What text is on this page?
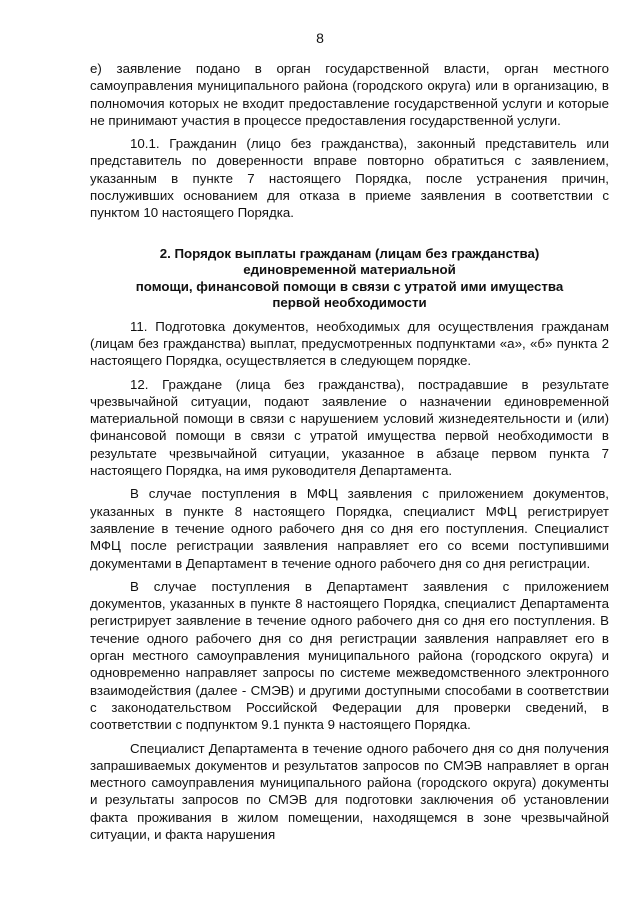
8

е) заявление подано в орган государственной власти, орган местного самоуправления муниципального района (городского округа) или в организацию, в полномочия которых не входит предоставление государственной услуги и которые не принимают участия в процессе предоставления государственной услуги.

10.1. Гражданин (лицо без гражданства), законный представитель или представитель по доверенности вправе повторно обратиться с заявлением, указанным в пункте 7 настоящего Порядка, после устранения причин, послуживших основанием для отказа в приеме заявления в соответствии с пунктом 10 настоящего Порядка.

2. Порядок выплаты гражданам (лицам без гражданства)
единовременной материальной
помощи, финансовой помощи в связи с утратой ими имущества
первой необходимости

11. Подготовка документов, необходимых для осуществления гражданам (лицам без гражданства) выплат, предусмотренных подпунктами «а», «б» пункта 2 настоящего Порядка, осуществляется в следующем порядке.

12. Граждане (лица без гражданства), пострадавшие в результате чрезвычайной ситуации, подают заявление о назначении единовременной материальной помощи в связи с нарушением условий жизнедеятельности и (или) финансовой помощи в связи с утратой имущества первой необходимости в результате чрезвычайной ситуации, указанное в абзаце первом пункта 7 настоящего Порядка, на имя руководителя Департамента.

В случае поступления в МФЦ заявления с приложением документов, указанных в пункте 8 настоящего Порядка, специалист МФЦ регистрирует заявление в течение одного рабочего дня со дня его поступления. Специалист МФЦ после регистрации заявления направляет его со всеми поступившими документами в Департамент в течение одного рабочего дня со дня регистрации.

В случае поступления в Департамент заявления с приложением документов, указанных в пункте 8 настоящего Порядка, специалист Департамента регистрирует заявление в течение одного рабочего дня со дня его поступления. В течение одного рабочего дня со дня регистрации заявления направляет его в орган местного самоуправления муниципального района (городского округа) и одновременно направляет запросы по системе межведомственного электронного взаимодействия (далее - СМЭВ) и другими доступными способами в соответствии с законодательством Российской Федерации для проверки сведений, в соответствии с подпунктом 9.1 пункта 9 настоящего Порядка.

Специалист Департамента в течение одного рабочего дня со дня получения запрашиваемых документов и результатов запросов по СМЭВ направляет в орган местного самоуправления муниципального района (городского округа) документы и результаты запросов по СМЭВ для подготовки заключения об установлении факта проживания в жилом помещении, находящемся в зоне чрезвычайной ситуации, и факта нарушения
